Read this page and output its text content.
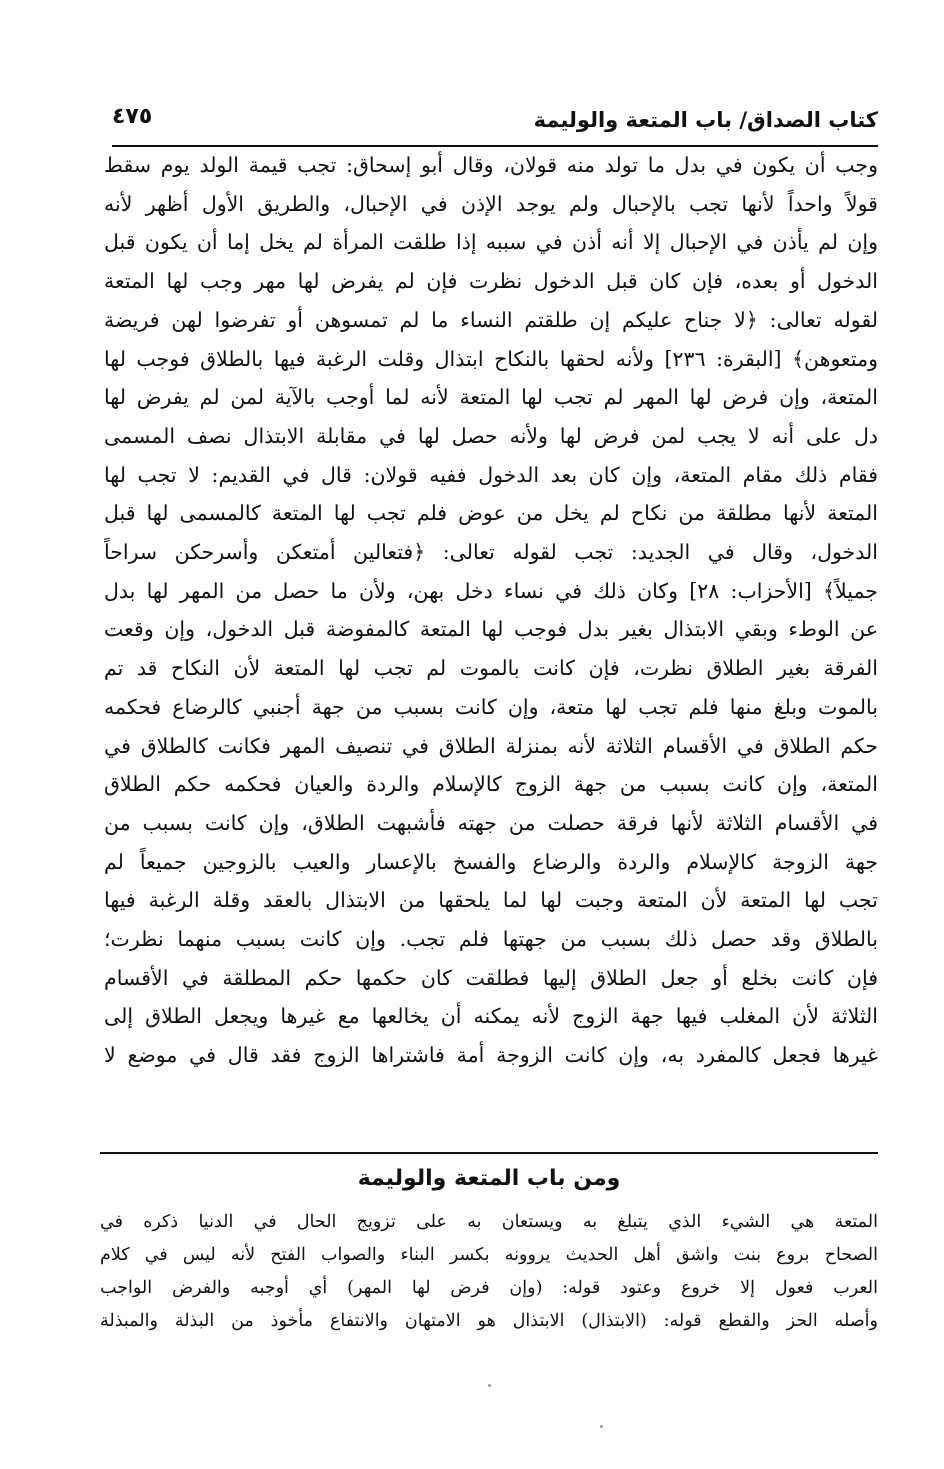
كتاب الصداق/ باب المتعة والوليمة
٤٧٥

وجب أن يكون في بدل ما تولد منه قولان، وقال أبو إسحاق: تجب قيمة الولد يوم سقط

قولاً واحداً لأنها تجب بالإحبال ولم يوجد الإذن في الإحبال، والطريق الأول أظهر لأنه

وإن لم يأذن في الإحبال إلا أنه أذن في سببه إذا طلقت المرأة لم يخل إما أن يكون قبل

الدخول أو بعده، فإن كان قبل الدخول نظرت فإن لم يفرض لها مهر وجب لها المتعة

لقوله تعالى: ﴿لا جناح عليكم إن طلقتم النساء ما لم تمسوهن أو تفرضوا لهن فريضة

ومتعوهن﴾ [البقرة: ٢٣٦] ولأنه لحقها بالنكاح ابتذال وقلت الرغبة فيها بالطلاق فوجب لها

المتعة، وإن فرض لها المهر لم تجب لها المتعة لأنه لما أوجب بالآية لمن لم يفرض لها

دل على أنه لا يجب لمن فرض لها ولأنه حصل لها في مقابلة الابتذال نصف المسمى

فقام ذلك مقام المتعة، وإن كان بعد الدخول ففيه قولان: قال في القديم: لا تجب لها

المتعة لأنها مطلقة من نكاح لم يخل من عوض فلم تجب لها المتعة كالمسمى لها قبل

الدخول، وقال في الجديد: تجب لقوله تعالى: ﴿فتعالين أمتعكن وأسرحكن سراحاً

جميلاً﴾ [الأحزاب: ٢٨] وكان ذلك في نساء دخل بهن، ولأن ما حصل من المهر لها بدل

عن الوطء وبقي الابتذال بغير بدل فوجب لها المتعة كالمفوضة قبل الدخول، وإن وقعت

الفرقة بغير الطلاق نظرت، فإن كانت بالموت لم تجب لها المتعة لأن النكاح قد تم

بالموت وبلغ منها فلم تجب لها متعة، وإن كانت بسبب من جهة أجنبي كالرضاع فحكمه

حكم الطلاق في الأقسام الثلاثة لأنه بمنزلة الطلاق في تنصيف المهر فكانت كالطلاق في

المتعة، وإن كانت بسبب من جهة الزوج كالإسلام والردة والعيان فحكمه حكم الطلاق

في الأقسام الثلاثة لأنها فرقة حصلت من جهته فأشبهت الطلاق، وإن كانت بسبب من

جهة الزوجة كالإسلام والردة والرضاع والفسخ بالإعسار والعيب بالزوجين جميعاً لم

تجب لها المتعة لأن المتعة وجبت لها لما يلحقها من الابتذال بالعقد وقلة الرغبة فيها

بالطلاق وقد حصل ذلك بسبب من جهتها فلم تجب. وإن كانت بسبب منهما نظرت؛

فإن كانت بخلع أو جعل الطلاق إليها فطلقت كان حكمها حكم المطلقة في الأقسام

الثلاثة لأن المغلب فيها جهة الزوج لأنه يمكنه أن يخالعها مع غيرها ويجعل الطلاق إلى

غيرها فجعل كالمفرد به، وإن كانت الزوجة أمة فاشتراها الزوج فقد قال في موضع لا

ومن باب المتعة والوليمة

المتعة هي الشيء الذي يتبلغ به ويستعان به على تزويج الحال في الدنيا ذكره في

الصحاح بروع بنت واشق أهل الحديث يروونه بكسر البناء والصواب الفتح لأنه ليس في كلام

العرب فعول إلا خروع وعتود قوله: (وإن فرض لها المهر) أي أوجبه والفرض الواجب

وأصله الحز والقطع قوله: (الابتذال) الابتذال هو الامتهان والانتفاع مأخوذ من البذلة والمبذلة
